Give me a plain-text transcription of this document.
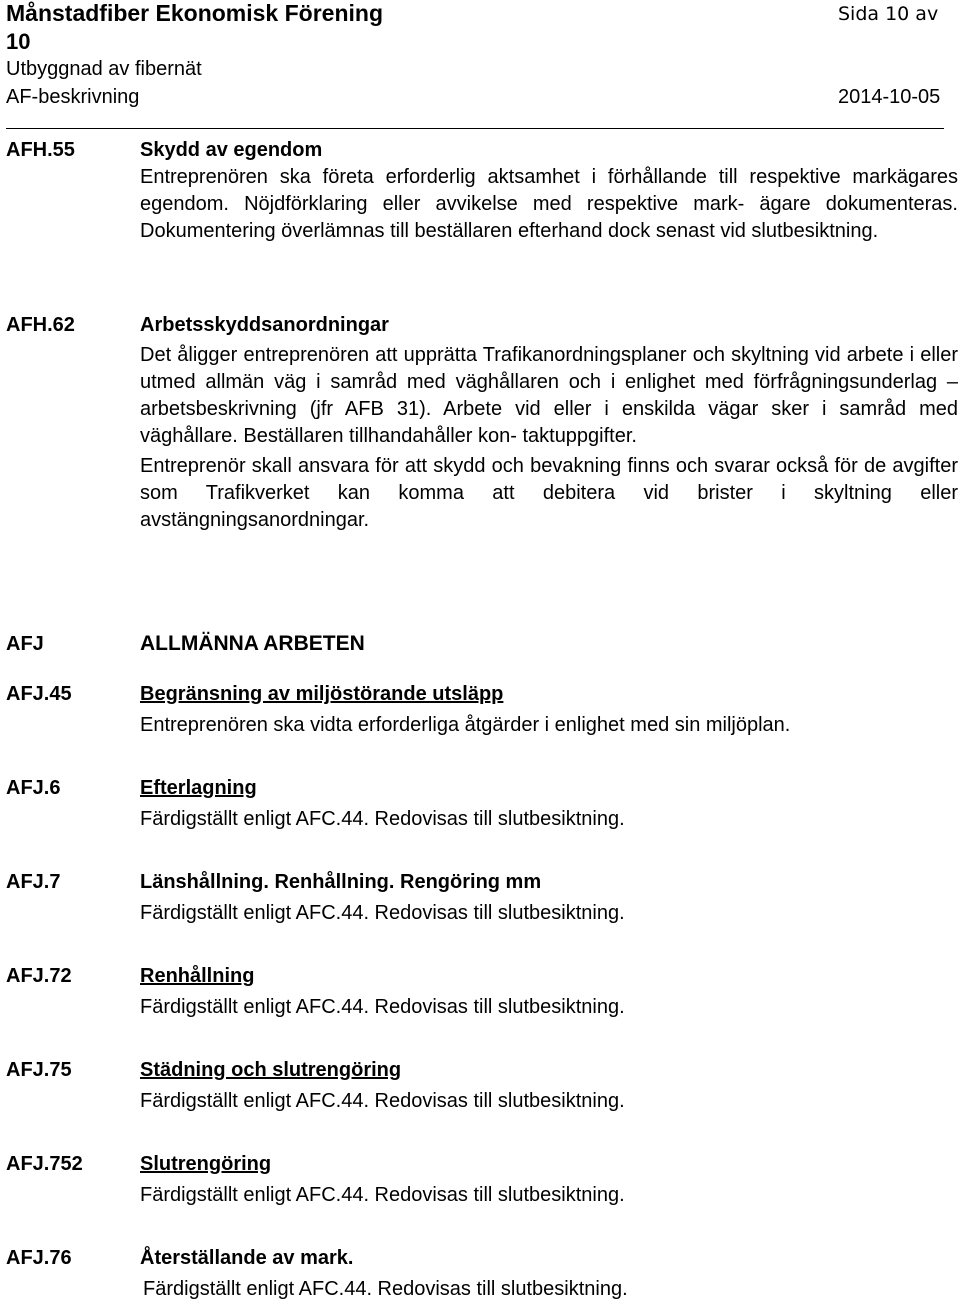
Månstadfiber Ekonomisk Förening	Sida 10 av
10
Utbyggnad av fibernät
AF-beskrivning	2014-10-05
AFH.55	Skydd av egendom

Entreprenören ska företa erforderlig aktsamhet i förhållande till respektive markägares egendom. Nöjdförklaring eller avvikelse med respektive mark- ägare dokumenteras. Dokumentering överlämnas till beställaren efterhand dock senast vid slutbesiktning.

AFH.62	Arbetsskyddsanordningar

Det åligger entreprenören att upprätta Trafikanordningsplaner och skyltning vid arbete i eller utmed allmän väg i samråd med väghållaren och i enlighet med förfrågningsunderlag – arbetsbeskrivning (jfr AFB 31). Arbete vid eller i enskilda vägar sker i samråd med väghållare. Beställaren tillhandahåller kon- taktuppgifter.

Entreprenör skall ansvara för att skydd och bevakning finns och svarar också för de avgifter som Trafikverket kan komma att debitera vid brister i skyltning eller avstängningsanordningar.

AFJ	ALLMÄNNA ARBETEN
AFJ.45	Begränsning av miljöstörande utsläpp

Entreprenören ska vidta erforderliga åtgärder i enlighet med sin miljöplan.

AFJ.6	Efterlagning

Färdigställt enligt AFC.44. Redovisas till slutbesiktning.

AFJ.7	Länshållning. Renhållning. Rengöring mm

Färdigställt enligt AFC.44. Redovisas till slutbesiktning.

AFJ.72	Renhållning

Färdigställt enligt AFC.44. Redovisas till slutbesiktning.

AFJ.75	Städning och slutrengöring

Färdigställt enligt AFC.44. Redovisas till slutbesiktning.

AFJ.752	Slutrengöring

Färdigställt enligt AFC.44. Redovisas till slutbesiktning.

AFJ.76	Återställande av mark.

Färdigställt enligt AFC.44. Redovisas till slutbesiktning.
